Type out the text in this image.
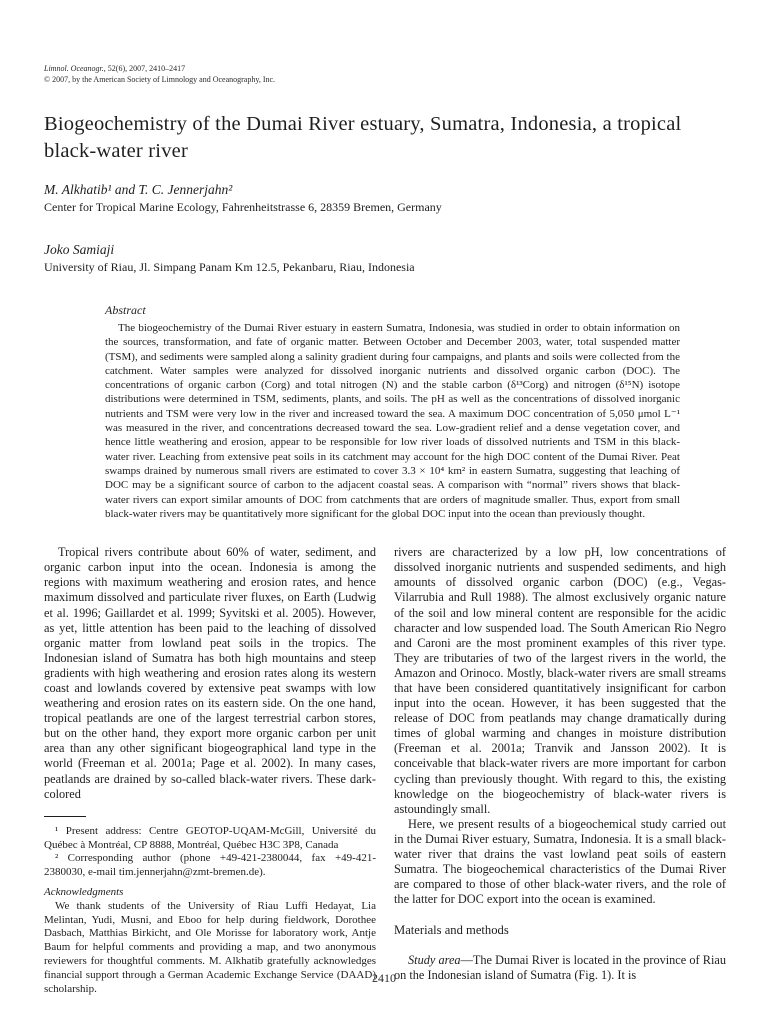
Limnol. Oceanogr., 52(6), 2007, 2410–2417
© 2007, by the American Society of Limnology and Oceanography, Inc.
Biogeochemistry of the Dumai River estuary, Sumatra, Indonesia, a tropical black-water river
M. Alkhatib¹ and T. C. Jennerjahn²
Center for Tropical Marine Ecology, Fahrenheitstrasse 6, 28359 Bremen, Germany
Joko Samiaji
University of Riau, Jl. Simpang Panam Km 12.5, Pekanbaru, Riau, Indonesia
Abstract

The biogeochemistry of the Dumai River estuary in eastern Sumatra, Indonesia, was studied in order to obtain information on the sources, transformation, and fate of organic matter. Between October and December 2003, water, total suspended matter (TSM), and sediments were sampled along a salinity gradient during four campaigns, and plants and soils were collected from the catchment. Water samples were analyzed for dissolved inorganic nutrients and dissolved organic carbon (DOC). The concentrations of organic carbon (Corg) and total nitrogen (N) and the stable carbon (δ¹³Corg) and nitrogen (δ¹⁵N) isotope distributions were determined in TSM, sediments, plants, and soils. The pH as well as the concentrations of dissolved inorganic nutrients and TSM were very low in the river and increased toward the sea. A maximum DOC concentration of 5,050 μmol L⁻¹ was measured in the river, and concentrations decreased toward the sea. Low-gradient relief and a dense vegetation cover, and hence little weathering and erosion, appear to be responsible for low river loads of dissolved nutrients and TSM in this black-water river. Leaching from extensive peat soils in its catchment may account for the high DOC content of the Dumai River. Peat swamps drained by numerous small rivers are estimated to cover 3.3 × 10⁴ km² in eastern Sumatra, suggesting that leaching of DOC may be a significant source of carbon to the adjacent coastal seas. A comparison with “normal” rivers shows that black-water rivers can export similar amounts of DOC from catchments that are orders of magnitude smaller. Thus, export from small black-water rivers may be quantitatively more significant for the global DOC input into the ocean than previously thought.

Tropical rivers contribute about 60% of water, sediment, and organic carbon input into the ocean. Indonesia is among the regions with maximum weathering and erosion rates, and hence maximum dissolved and particulate river fluxes, on Earth (Ludwig et al. 1996; Gaillardet et al. 1999; Syvitski et al. 2005). However, as yet, little attention has been paid to the leaching of dissolved organic matter from lowland peat soils in the tropics. The Indonesian island of Sumatra has both high mountains and steep gradients with high weathering and erosion rates along its western coast and lowlands covered by extensive peat swamps with low weathering and erosion rates on its eastern side. On the one hand, tropical peatlands are one of the largest terrestrial carbon stores, but on the other hand, they export more organic carbon per unit area than any other significant biogeographical land type in the world (Freeman et al. 2001a; Page et al. 2002). In many cases, peatlands are drained by so-called black-water rivers. These dark-colored

¹ Present address: Centre GEOTOP-UQAM-McGill, Université du Québec à Montréal, CP 8888, Montréal, Québec H3C 3P8, Canada

² Corresponding author (phone +49-421-2380044, fax +49-421-2380030, e-mail tim.jennerjahn@zmt-bremen.de).

Acknowledgments

We thank students of the University of Riau Luffi Hedayat, Lia Melintan, Yudi, Musni, and Eboo for help during fieldwork, Dorothee Dasbach, Matthias Birkicht, and Ole Morisse for laboratory work, Antje Baum for helpful comments and providing a map, and two anonymous reviewers for thoughtful comments. M. Alkhatib gratefully acknowledges financial support through a German Academic Exchange Service (DAAD) scholarship.

rivers are characterized by a low pH, low concentrations of dissolved inorganic nutrients and suspended sediments, and high amounts of dissolved organic carbon (DOC) (e.g., Vegas-Vilarrubia and Rull 1988). The almost exclusively organic nature of the soil and low mineral content are responsible for the acidic character and low suspended load. The South American Rio Negro and Caroni are the most prominent examples of this river type. They are tributaries of two of the largest rivers in the world, the Amazon and Orinoco. Mostly, black-water rivers are small streams that have been considered quantitatively insignificant for carbon input into the ocean. However, it has been suggested that the release of DOC from peatlands may change dramatically during times of global warming and changes in moisture distribution (Freeman et al. 2001a; Tranvik and Jansson 2002). It is conceivable that black-water rivers are more important for carbon cycling than previously thought. With regard to this, the existing knowledge on the biogeochemistry of black-water rivers is astoundingly small.

Here, we present results of a biogeochemical study carried out in the Dumai River estuary, Sumatra, Indonesia. It is a small black-water river that drains the vast lowland peat soils of eastern Sumatra. The biogeochemical characteristics of the Dumai River are compared to those of other black-water rivers, and the role of the latter for DOC export into the ocean is examined.

Materials and methods

Study area—The Dumai River is located in the province of Riau on the Indonesian island of Sumatra (Fig. 1). It is

2410
